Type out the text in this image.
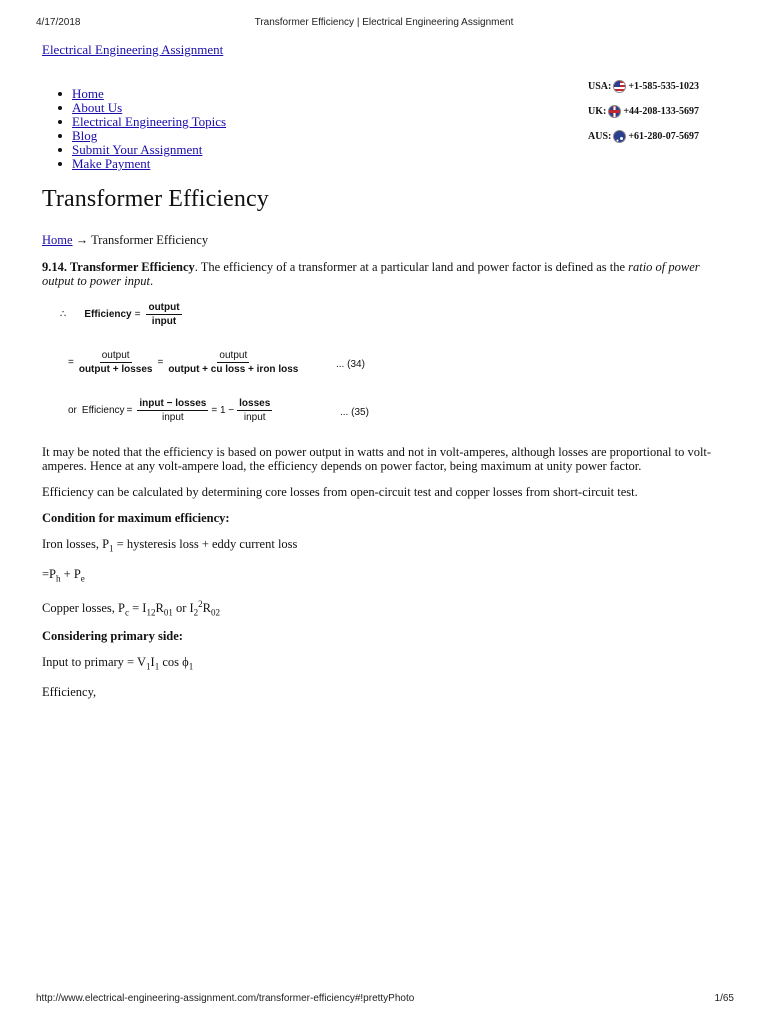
4/17/2018	Transformer Efficiency | Electrical Engineering Assignment
Electrical Engineering Assignment
Home
About Us
Electrical Engineering Topics
Blog
Submit Your Assignment
Make Payment
USA: +1-585-535-1023
UK: +44-208-133-5697
AUS: +61-280-07-5697
Transformer Efficiency
Home → Transformer Efficiency
9.14. Transformer Efficiency. The efficiency of a transformer at a particular land and power factor is defined as the ratio of power output to power input.
∴ Efficiency = $\frac{\text{output}}{\text{input}}$
= $\frac{\text{output}}{\text{output + losses}} = \frac{\text{output}}{\text{output + cu loss + iron loss}}$	... (34)
or Efficiency = $\frac{\text{input − losses}}{\text{input}} = 1 - \frac{\text{losses}}{\text{input}}$	... (35)
It may be noted that the efficiency is based on power output in watts and not in volt-amperes, although losses are proportional to volt-amperes. Hence at any volt-ampere load, the efficiency depends on power factor, being maximum at unity power factor.
Efficiency can be calculated by determining core losses from open-circuit test and copper losses from short-circuit test.
Condition for maximum efficiency:
Iron losses, $P_1$ = hysteresis loss + eddy current loss
$=P_h + P_e$
Copper losses, $P_c = I_{12}R_{01}$ or $I_2^2R_{02}$
Considering primary side:
Input to primary = $V_1I_1$ $\cos \phi_1$
Efficiency,
http://www.electrical-engineering-assignment.com/transformer-efficiency#!prettyPhoto	1/65
